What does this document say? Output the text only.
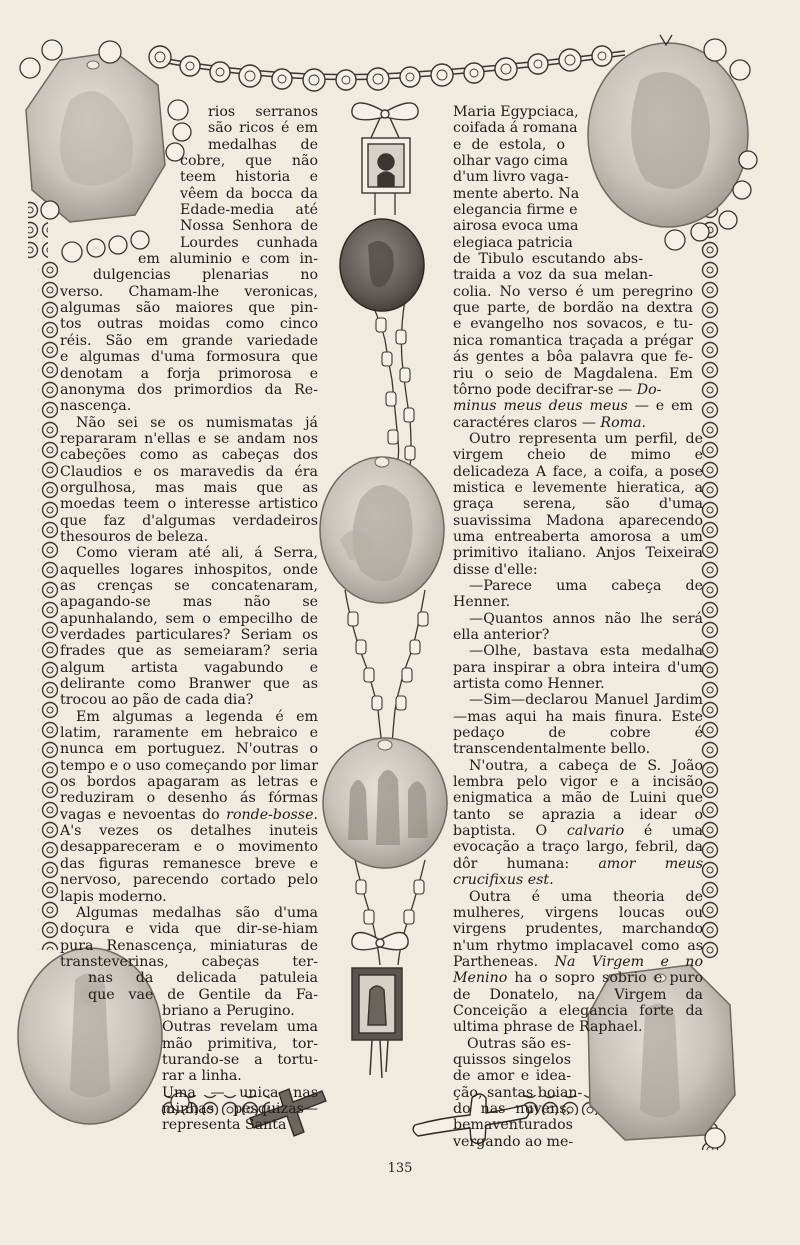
rios serranos
são ricos é em
medalhas de
cobre, que não
teem historia e
vêem da bocca da
Edade-media até
Nossa Senhora de
Lourdes cunhada
em aluminio e com in-
dulgencias plenarias no
verso. Chamam-lhe veronicas,
algumas são maiores que pin-
tos outras moidas como cinco
réis. São em grande variedade
e algumas d'uma formosura que
denotam a forja primorosa e
anonyma dos primordios da Re-
nascença.

Não sei se os numismatas já repararam n'ellas e se andam nos cabeções como as cabeças dos Claudios e os maravedis da éra orgulhosa, mas mais que as moedas teem o interesse artistico que faz d'algumas verdadeiros thesouros de beleza.

Como vieram até ali, á Serra, aquelles logares inhospitos, onde as crenças se concatenaram, apagando-se mas não se apunhalando, sem o empecilho de verdades particulares? Seriam os frades que as semeiaram? seria algum artista vagabundo e delirante como Branwer que as trocou ao pão de cada dia?

Em algumas a legenda é em latim, raramente em hebraico e nunca em portuguez. N'outras o tempo e o uso começando por limar os bordos apagaram as letras e reduziram o desenho ás fórmas vagas e nevoentas do ronde-bosse. A's vezes os detalhes inuteis desappareceram e o movimento das figuras remanesce breve e nervoso, parecendo cortado pelo lapis moderno.

Algumas medalhas são d'uma
doçura e vida que dir-se-hiam
pura Renascença, miniaturas de
transteverinas, cabeças ter-
nas da delicada patuleia
que vae de Gentile da Fa-
briano a Perugino.
Outras revelam uma
mão primitiva, tor-
turando-se a tortu-
rar a linha.
Uma — unica nas
minhas pesquizas—
representa Santa
Maria Egypciaca,
coifada á romana
e de estola, o
olhar vago cima
d'um livro vaga-
mente aberto. Na
elegancia firme e
airosa evoca uma
elegiaca patricia
de Tibulo escutando abs-
traida a voz da sua melan-
colia. No verso é um peregrino
que parte, de bordão na dextra
e evangelho nos sovacos, e tu-
nica romantica traçada a prégar
ás gentes a bôa palavra que fe-
riu o seio de Magdalena. Em
tôrno pode decifrar-se — Do-
minus meus deus meus — e em
caractéres claros — Roma.

Outro representa um perfil, de virgem cheio de mimo e delicadeza A face, a coifa, a pose mistica e levemente hieratica, a graça serena, são d'uma suavissima Madona aparecendo uma entreaberta amorosa a um primitivo italiano. Anjos Teixeira disse d'elle:

—Parece uma cabeça de Henner.

—Quantos annos não lhe será ella anterior?

—Olhe, bastava esta medalha para inspirar a obra inteira d'um artista como Henner.

—Sim—declarou Manuel Jardim—mas aqui ha mais finura. Este pedaço de cobre é transcendentalmente bello.

N'outra, a cabeça de S. João lembra pelo vigor e a incisão enigmatica a mão de Luini que tanto se aprazia a idear o baptista. O calvario é uma evocação a traço largo, febril, da dôr humana: amor meus crucifixus est.

Outra é uma theoria de mulheres, virgens loucas ou virgens prudentes, marchando n'um rhytmo implacavel como as Partheneas. Na Virgem e no Menino ha o sopro sobrio e puro de Donatelo, na Virgem da Conceição a elegancia forte da ultima phrase de Raphael.

Outras são es-
quissos singelos
de amor e idea-
ção, santas boian-
do nas nuvens,
bemaventurados
vergando ao me-
135
